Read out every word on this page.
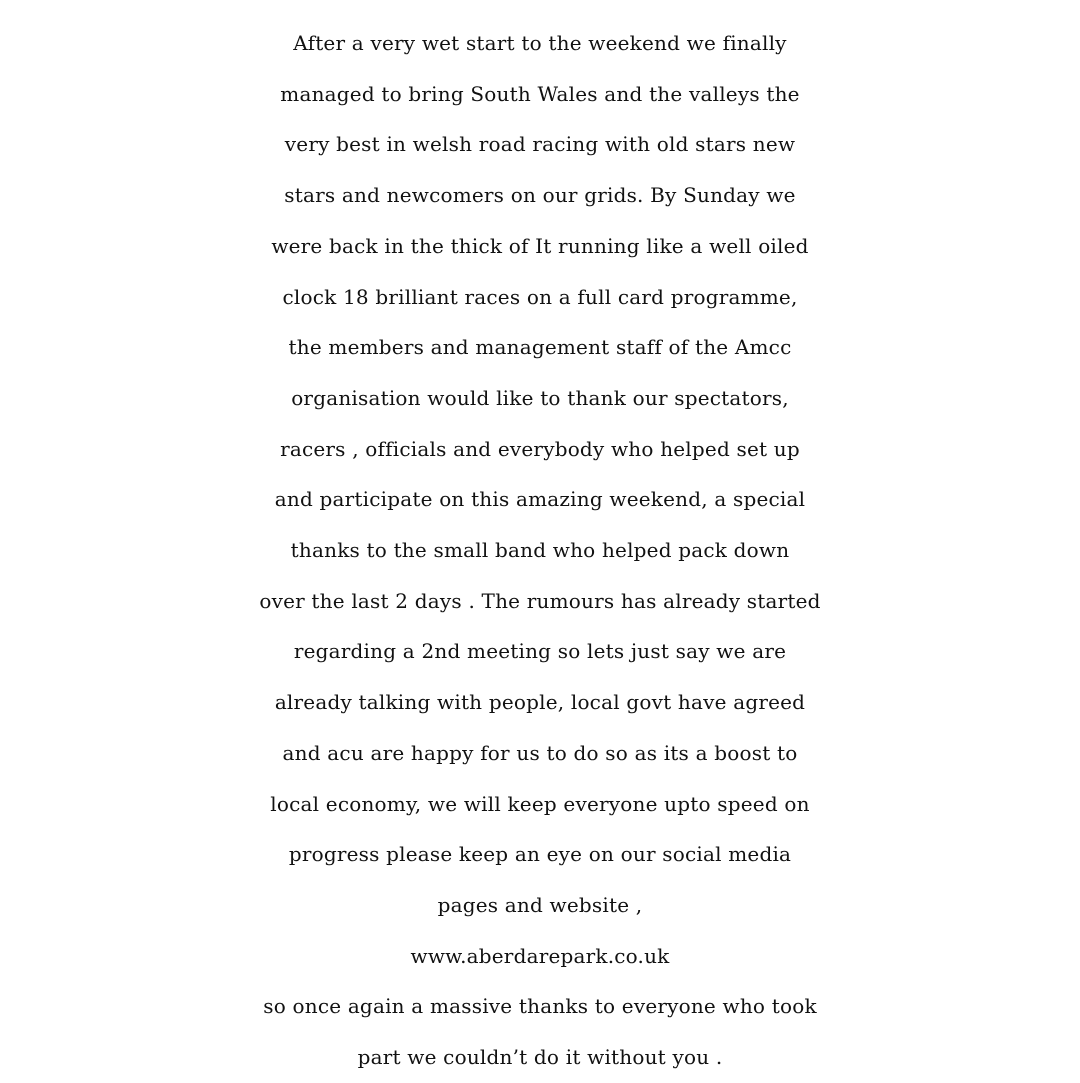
After a very wet start to the weekend we finally
managed to bring South Wales and the valleys the
very best in welsh road racing with old stars new
stars and newcomers on our grids. By Sunday we
were back in the thick of It running like a well oiled
clock 18 brilliant races on a full card programme,
the members and management staff of the Amcc
organisation would like to thank our spectators,
racers , officials and everybody who helped set up
and participate on this amazing weekend, a special
thanks to the small band who helped pack down
over the last 2 days . The rumours has already started
regarding a 2nd meeting so lets just say we are
already talking with people, local govt have agreed
and acu are happy for us to do so as its a boost to
local economy, we will keep everyone upto speed on
progress please keep an eye on our social media
pages and website ,
www.aberdarepark.co.uk
so once again a massive thanks to everyone who took
part we couldn’t do it without you .
